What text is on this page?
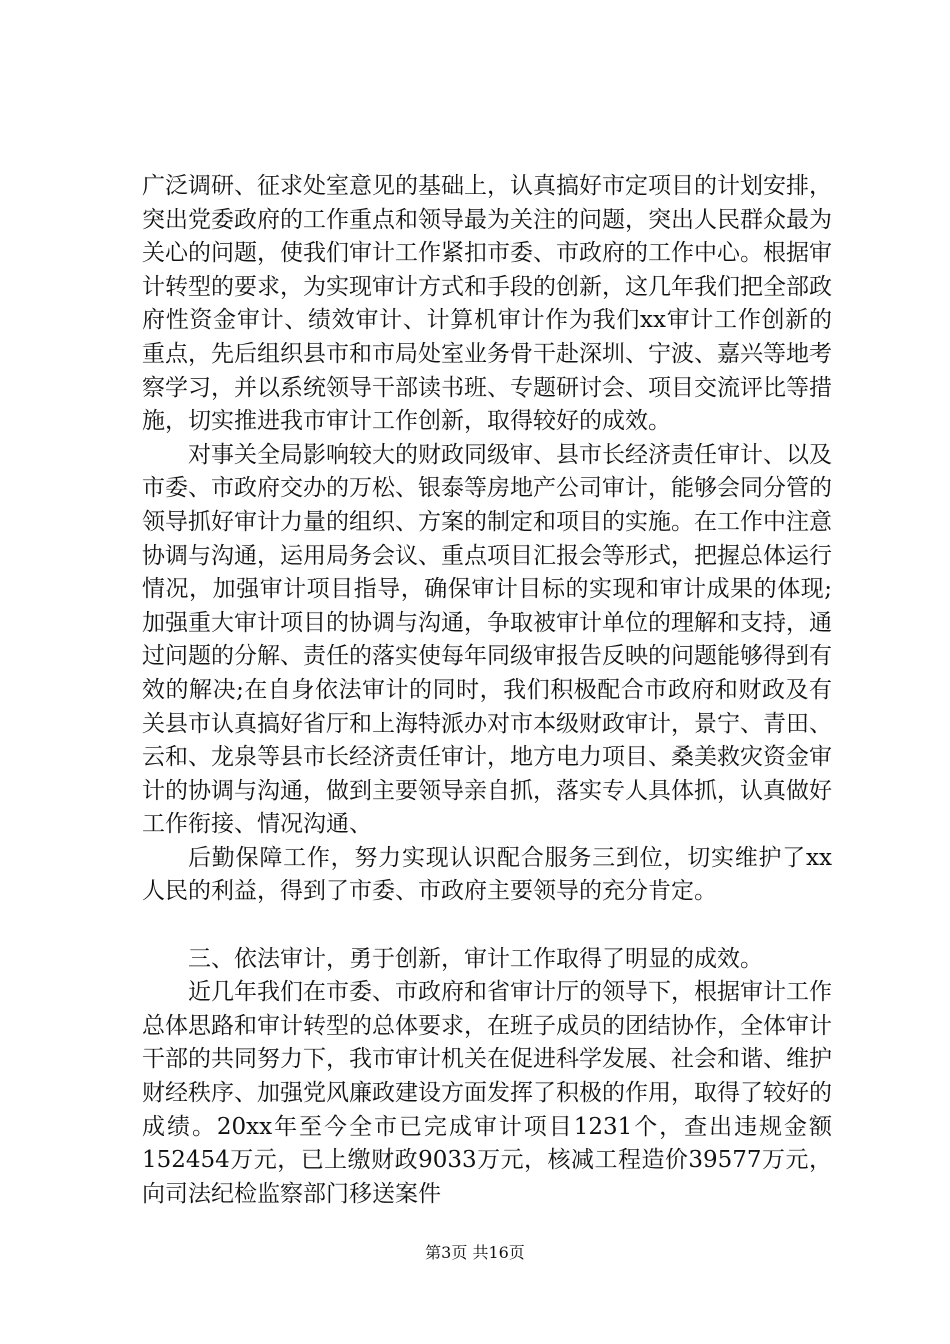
广泛调研、征求处室意见的基础上，认真搞好市定项目的计划安排，突出党委政府的工作重点和领导最为关注的问题，突出人民群众最为关心的问题，使我们审计工作紧扣市委、市政府的工作中心。根据审计转型的要求，为实现审计方式和手段的创新，这几年我们把全部政府性资金审计、绩效审计、计算机审计作为我们xx审计工作创新的重点，先后组织县市和市局处室业务骨干赴深圳、宁波、嘉兴等地考察学习，并以系统领导干部读书班、专题研讨会、项目交流评比等措施，切实推进我市审计工作创新，取得较好的成效。

对事关全局影响较大的财政同级审、县市长经济责任审计、以及市委、市政府交办的万松、银泰等房地产公司审计，能够会同分管的领导抓好审计力量的组织、方案的制定和项目的实施。在工作中注意协调与沟通，运用局务会议、重点项目汇报会等形式，把握总体运行情况，加强审计项目指导，确保审计目标的实现和审计成果的体现;加强重大审计项目的协调与沟通，争取被审计单位的理解和支持，通过问题的分解、责任的落实使每年同级审报告反映的问题能够得到有效的解决;在自身依法审计的同时，我们积极配合市政府和财政及有关县市认真搞好省厅和上海特派办对市本级财政审计，景宁、青田、云和、龙泉等县市长经济责任审计，地方电力项目、桑美救灾资金审计的协调与沟通，做到主要领导亲自抓，落实专人具体抓，认真做好工作衔接、情况沟通、

后勤保障工作，努力实现认识配合服务三到位，切实维护了xx人民的利益，得到了市委、市政府主要领导的充分肯定。

三、依法审计，勇于创新，审计工作取得了明显的成效。

近几年我们在市委、市政府和省审计厅的领导下，根据审计工作总体思路和审计转型的总体要求，在班子成员的团结协作，全体审计干部的共同努力下，我市审计机关在促进科学发展、社会和谐、维护财经秩序、加强党风廉政建设方面发挥了积极的作用，取得了较好的成绩。20xx年至今全市已完成审计项目1231个，查出违规金额152454万元，已上缴财政9033万元，核减工程造价39577万元，向司法纪检监察部门移送案件

第3页 共16页
